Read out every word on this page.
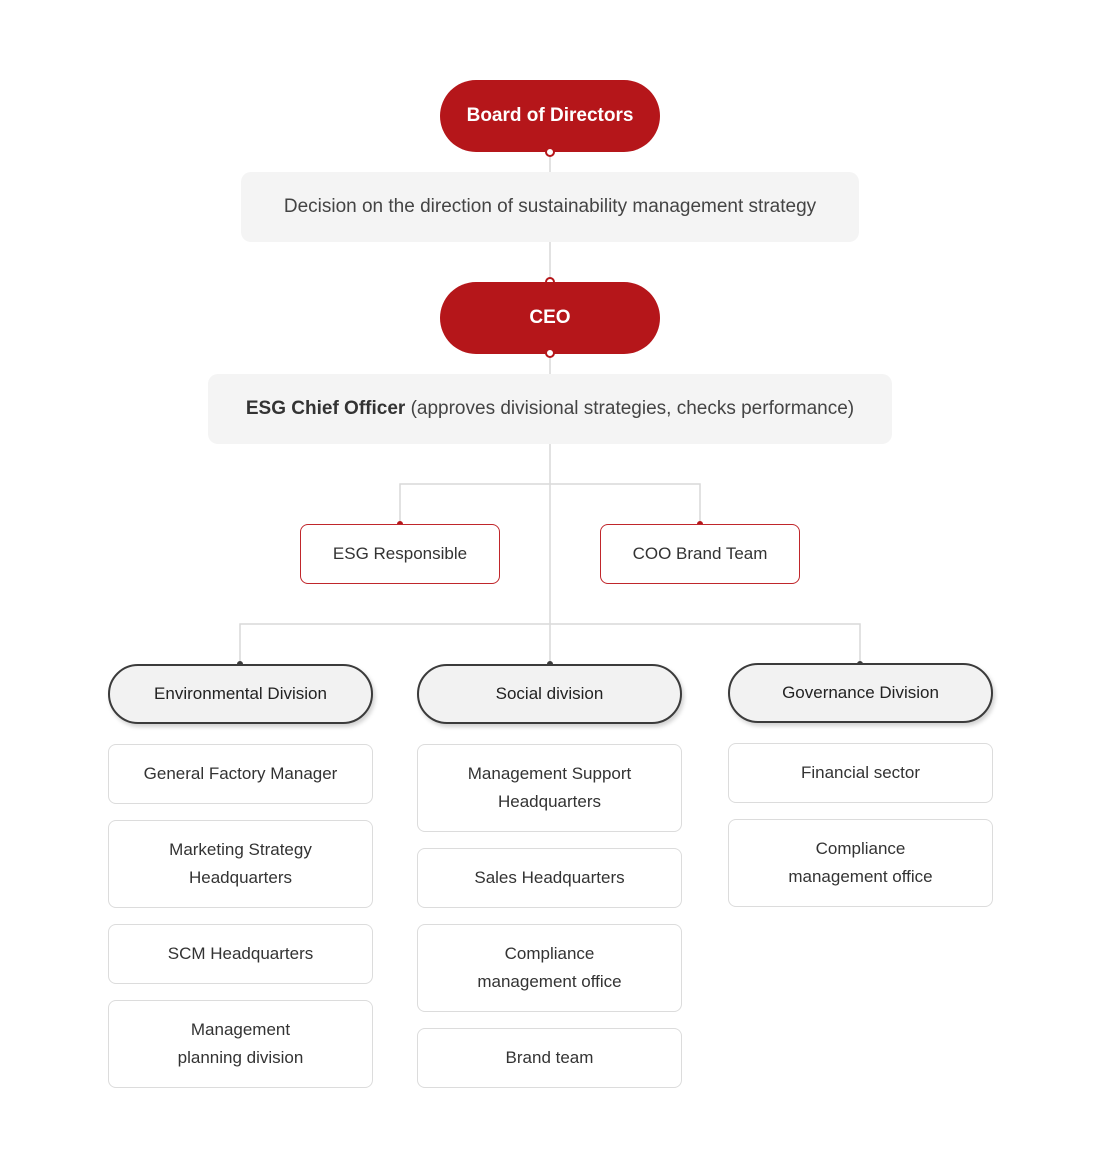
Board of Directors
Decision on the direction of sustainability management strategy
CEO
ESG Chief Officer (approves divisional strategies, checks performance)
ESG Responsible	COO Brand Team
Environmental Division
General Factory Manager
Marketing Strategy
Headquarters
SCM Headquarters
Management
planning division
Social division
Management Support
Headquarters
Sales Headquarters
Compliance
management office
Brand team
Governance Division
Financial sector
Compliance
management office
